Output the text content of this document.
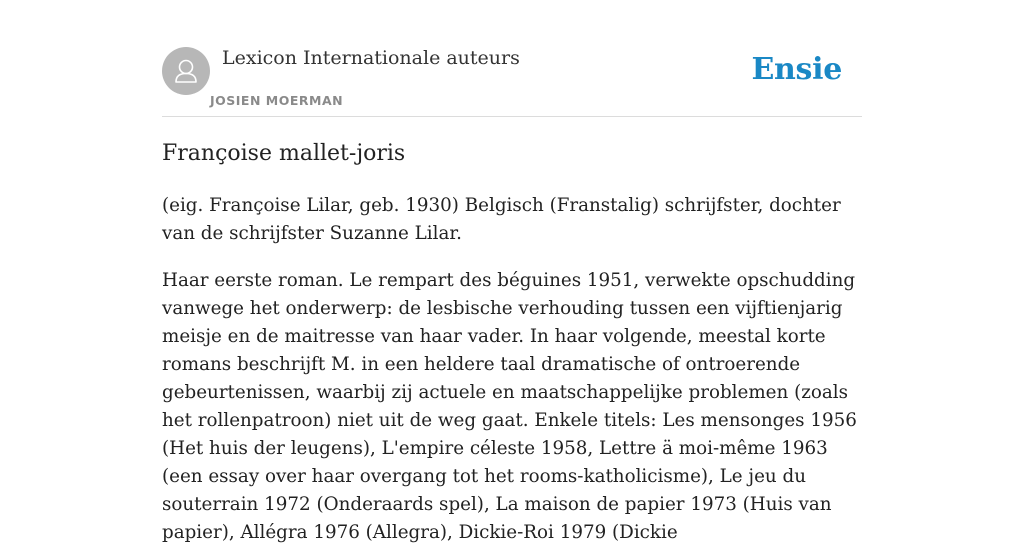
Lexicon Internationale auteurs
JOSIEN MOERMAN
Ensie
Françoise mallet-joris

(eig. Françoise Lilar, geb. 1930) Belgisch (Franstalig) schrijfster, dochter van de schrijfster Suzanne Lilar.

Haar eerste roman. Le rempart des béguines 1951, verwekte opschudding vanwege het onderwerp: de lesbische verhouding tussen een vijftienjarig meisje en de maitresse van haar vader. In haar volgende, meestal korte romans beschrijft M. in een heldere taal dramatische of ontroerende gebeurtenissen, waarbij zij actuele en maatschappelijke problemen (zoals het rollenpatroon) niet uit de weg gaat. Enkele titels: Les mensonges 1956 (Het huis der leugens), L'empire céleste 1958, Lettre ä moi-même 1963 (een essay over haar overgang tot het rooms-katholicisme), Le jeu du souterrain 1972 (Onderaards spel), La maison de papier 1973 (Huis van papier), Allégra 1976 (Allegra), Dickie-Roi 1979 (Dickie
